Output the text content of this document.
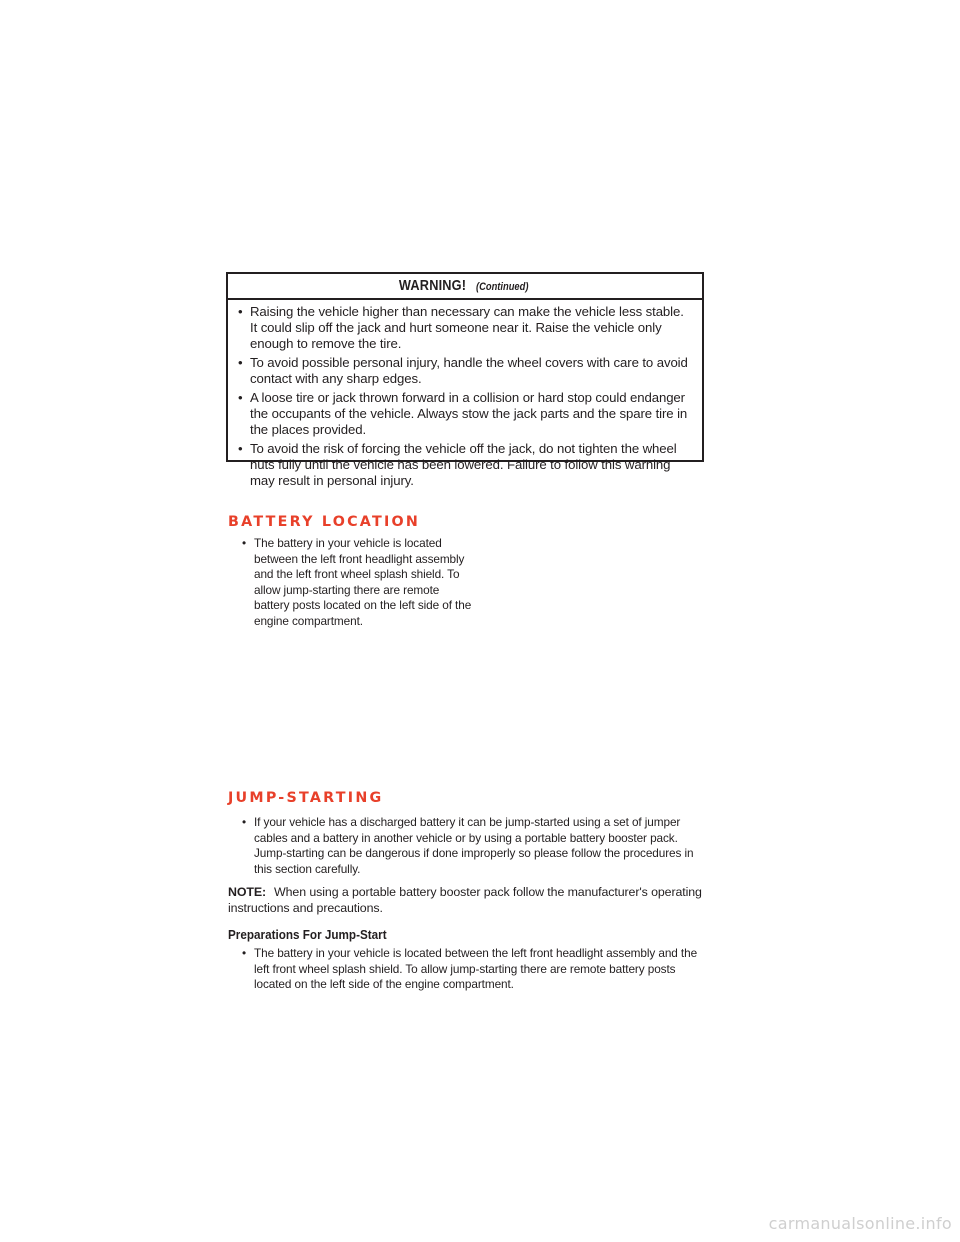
WARNING! (Continued)
• Raising the vehicle higher than necessary can make the vehicle less stable. It could slip off the jack and hurt someone near it. Raise the vehicle only enough to remove the tire.
• To avoid possible personal injury, handle the wheel covers with care to avoid contact with any sharp edges.
• A loose tire or jack thrown forward in a collision or hard stop could endanger the occupants of the vehicle. Always stow the jack parts and the spare tire in the places provided.
• To avoid the risk of forcing the vehicle off the jack, do not tighten the wheel nuts fully until the vehicle has been lowered. Failure to follow this warning may result in personal injury.
BATTERY LOCATION
• The battery in your vehicle is located between the left front headlight assembly and the left front wheel splash shield. To allow jump-starting there are remote battery posts located on the left side of the engine compartment.
JUMP-STARTING
• If your vehicle has a discharged battery it can be jump-started using a set of jumper cables and a battery in another vehicle or by using a portable battery booster pack. Jump-starting can be dangerous if done improperly so please follow the procedures in this section carefully.

NOTE: When using a portable battery booster pack follow the manufacturer's operating instructions and precautions.

Preparations For Jump-Start
• The battery in your vehicle is located between the left front headlight assembly and the left front wheel splash shield. To allow jump-starting there are remote battery posts located on the left side of the engine compartment.
carmanualsonline.info
